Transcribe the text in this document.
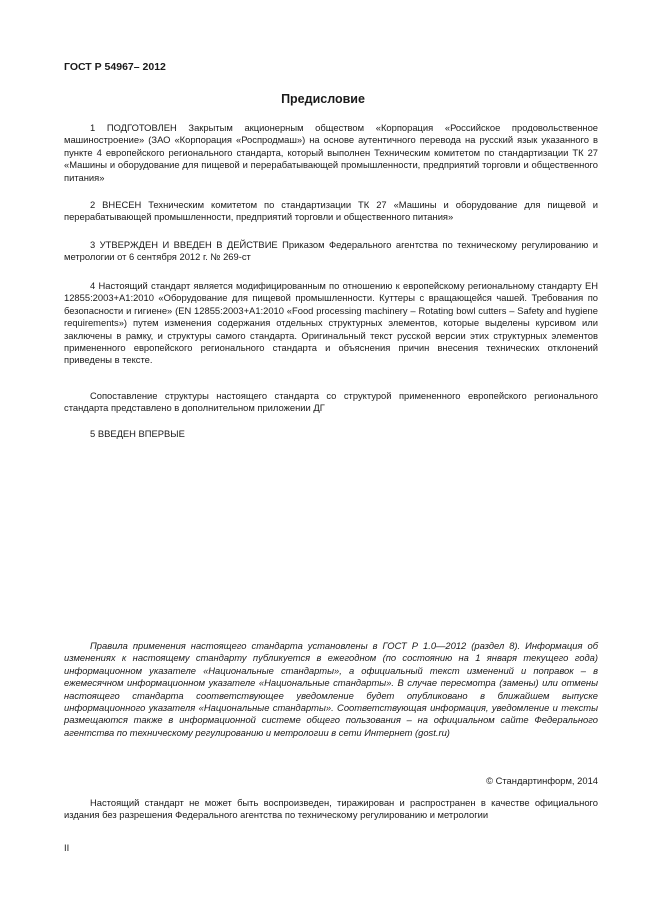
ГОСТ Р 54967– 2012
Предисловие

1 ПОДГОТОВЛЕН Закрытым акционерным обществом «Корпорация «Российское продовольственное машиностроение» (ЗАО «Корпорация «Роспродмаш») на основе аутентичного перевода на русский язык указанного в пункте 4 европейского регионального стандарта, который выполнен Техническим комитетом по стандартизации ТК 27 «Машины и оборудование для пищевой и перерабатывающей промышленности, предприятий торговли и общественного питания»

2 ВНЕСЕН Техническим комитетом по стандартизации ТК 27 «Машины и оборудование для пищевой и перерабатывающей промышленности, предприятий торговли и общественного питания»

3 УТВЕРЖДЕН И ВВЕДЕН В ДЕЙСТВИЕ Приказом Федерального агентства по техническому регулированию и метрологии от 6 сентября 2012 г. № 269-ст

4 Настоящий стандарт является модифицированным по отношению к европейскому региональному стандарту ЕН 12855:2003+А1:2010 «Оборудование для пищевой промышленности. Куттеры с вращающейся чашей. Требования по безопасности и гигиене» (EN 12855:2003+A1:2010 «Food processing machinery – Rotating bowl cutters – Safety and hygiene requirements») путем изменения содержания отдельных структурных элементов, которые выделены курсивом или заключены в рамку, и структуры самого стандарта. Оригинальный текст русской версии этих структурных элементов примененного европейского регионального стандарта и объяснения причин внесения технических отклонений приведены в тексте.

Сопоставление структуры настоящего стандарта со структурой примененного европейского регионального стандарта представлено в дополнительном приложении ДГ

5 ВВЕДЕН ВПЕРВЫЕ

Правила применения настоящего стандарта установлены в ГОСТ Р 1.0—2012 (раздел 8). Информация об изменениях к настоящему стандарту публикуется в ежегодном (по состоянию на 1 января текущего года) информационном указателе «Национальные стандарты», а официальный текст изменений и поправок – в ежемесячном информационном указателе «Национальные стандарты». В случае пересмотра (замены) или отмены настоящего стандарта соответствующее уведомление будет опубликовано в ближайшем выпуске информационного указателя «Национальные стандарты». Соответствующая информация, уведомление и тексты размещаются также в информационной системе общего пользования – на официальном сайте Федерального агентства по техническому регулированию и метрологии в сети Интернет (gost.ru)

© Стандартинформ, 2014

Настоящий стандарт не может быть воспроизведен, тиражирован и распространен в качестве официального издания без разрешения Федерального агентства по техническому регулированию и метрологии

II
